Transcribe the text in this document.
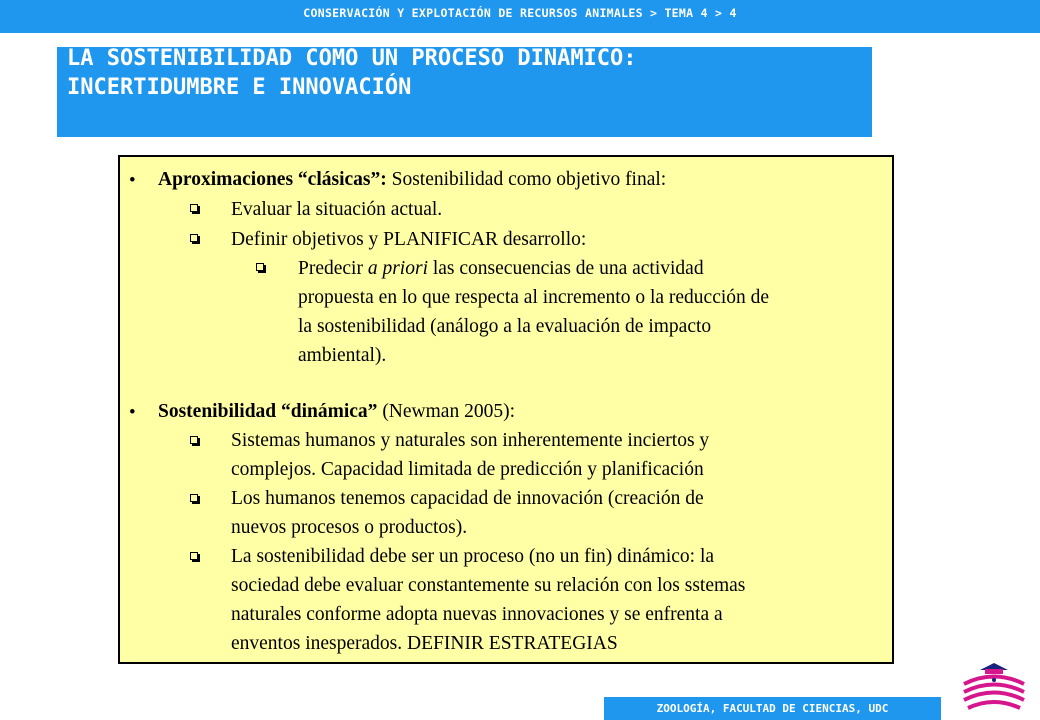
CONSERVACIÓN Y EXPLOTACIÓN DE RECURSOS ANIMALES > TEMA 4 > 4
LA SOSTENIBILIDAD COMO UN PROCESO DINÁMICO:
INCERTIDUMBRE E INNOVACIÓN
• Aproximaciones “clásicas”: Sostenibilidad como objetivo final:
Evaluar la situación actual.
Definir objetivos y PLANIFICAR desarrollo:
Predecir a priori las consecuencias de una actividad
propuesta en lo que respecta al incremento o la reducción de
la sostenibilidad (análogo a la evaluación de impacto
ambiental).
• Sostenibilidad “dinámica” (Newman 2005):
Sistemas humanos y naturales son inherentemente inciertos y
complejos. Capacidad limitada de predicción y planificación
Los humanos tenemos capacidad de innovación (creación de
nuevos procesos o productos).
La sostenibilidad debe ser un proceso (no un fin) dinámico: la
sociedad debe evaluar constantemente su relación con los sstemas
naturales conforme adopta nuevas innovaciones y se enfrenta a
enventos inesperados. DEFINIR ESTRATEGIAS
ZOOLOGÍA, FACULTAD DE CIENCIAS, UDC
